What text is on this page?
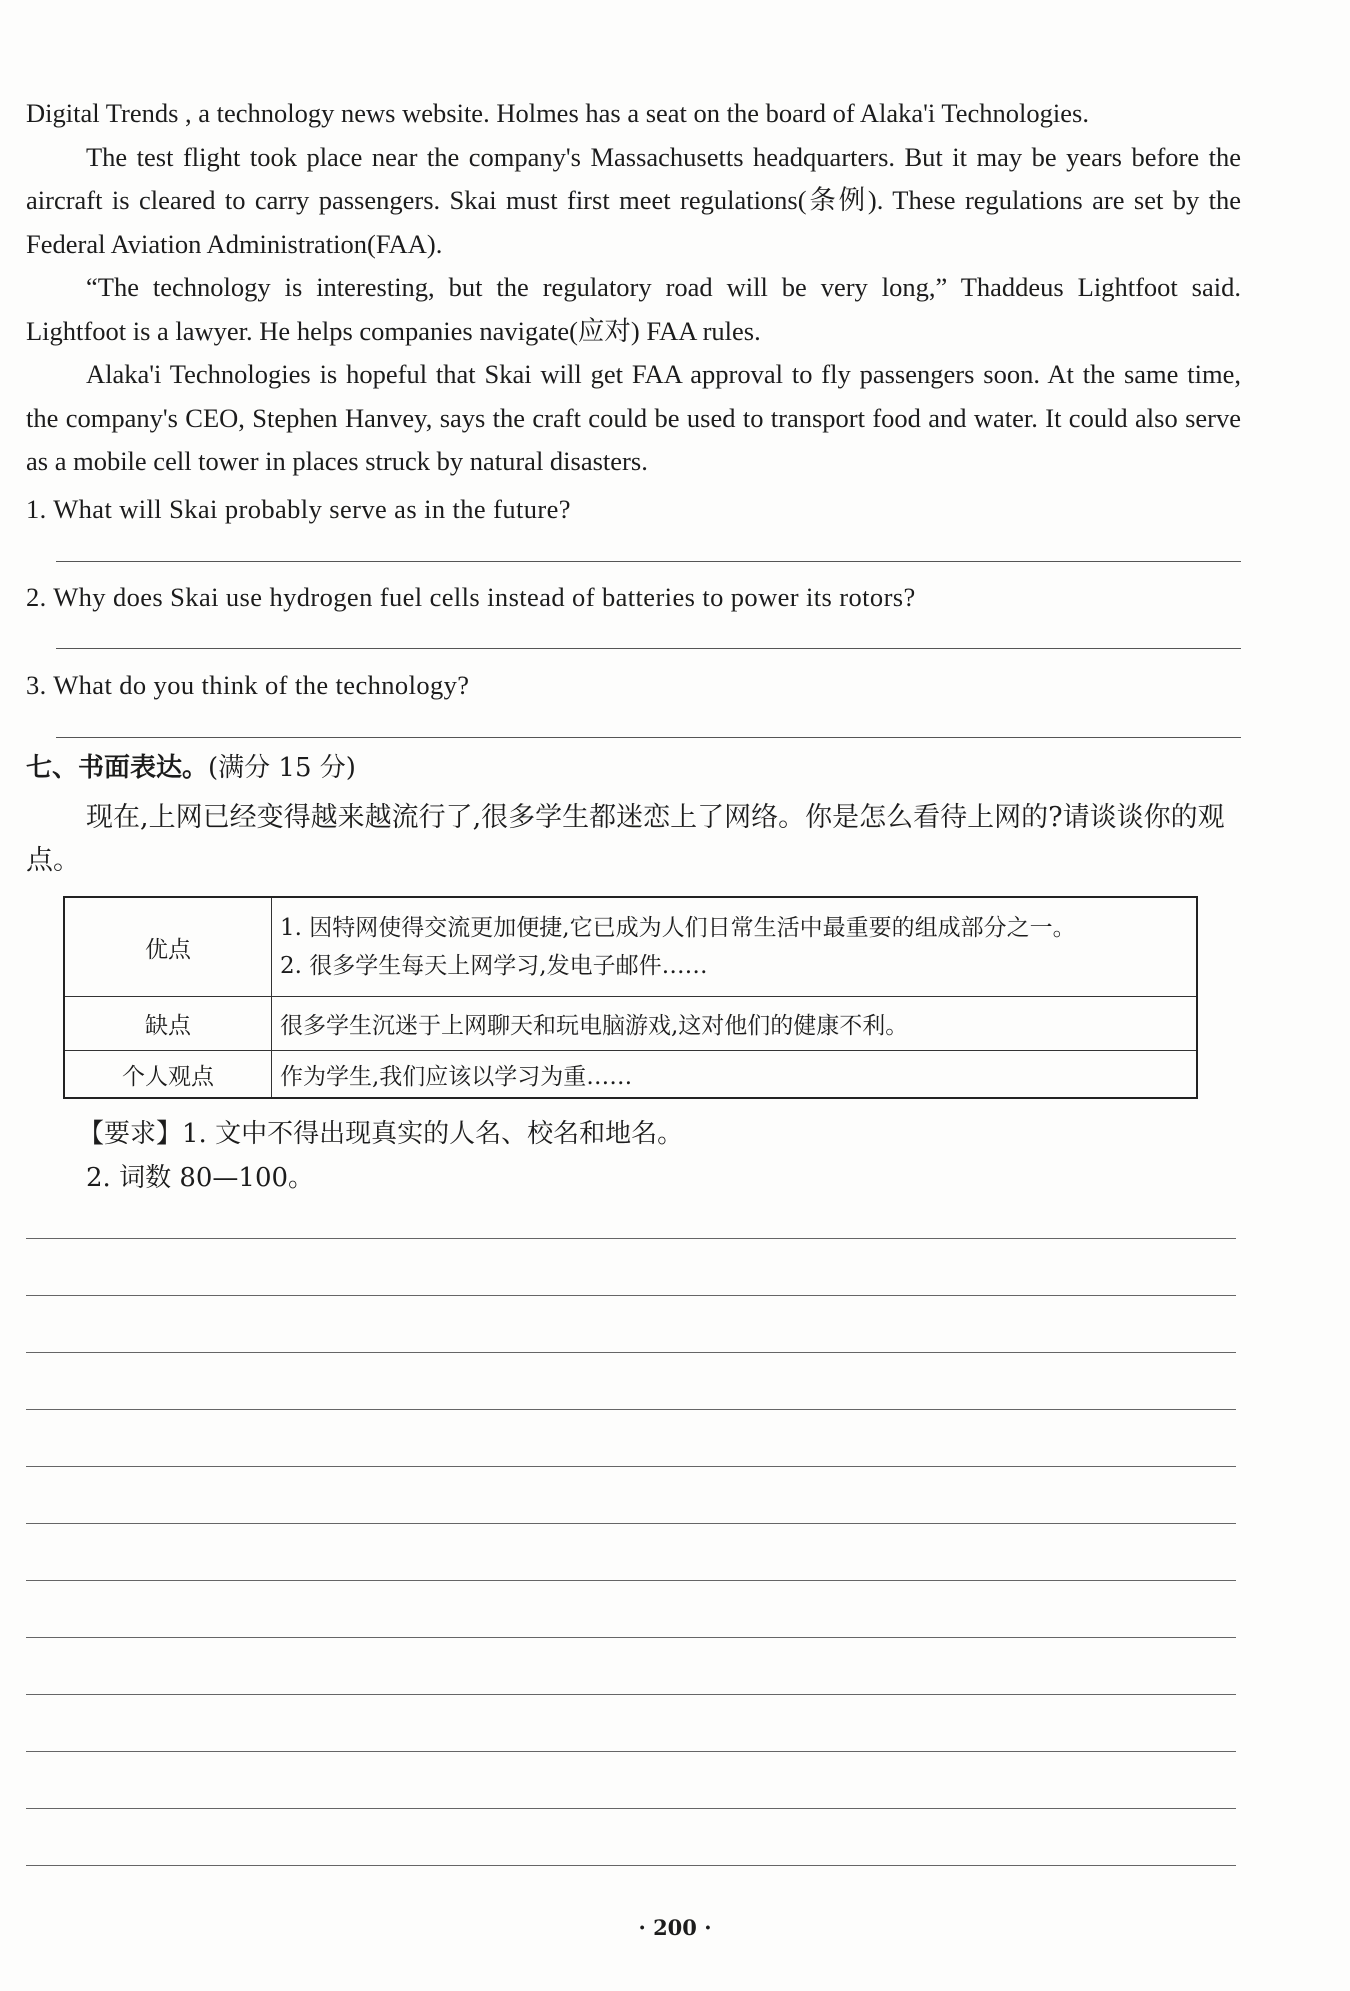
Digital Trends , a technology news website. Holmes has a seat on the board of Alaka'i Technologies.

The test flight took place near the company's Massachusetts headquarters. But it may be years before the aircraft is cleared to carry passengers. Skai must first meet regulations(条例). These regulations are set by the Federal Aviation Administration(FAA).

“The technology is interesting, but the regulatory road will be very long,” Thaddeus Lightfoot said. Lightfoot is a lawyer. He helps companies navigate(应对) FAA rules.

Alaka'i Technologies is hopeful that Skai will get FAA approval to fly passengers soon. At the same time, the company's CEO, Stephen Hanvey, says the craft could be used to transport food and water. It could also serve as a mobile cell tower in places struck by natural disasters.

1. What will Skai probably serve as in the future?

2. Why does Skai use hydrogen fuel cells instead of batteries to power its rotors?

3. What do you think of the technology?

七、书面表达。(满分 15 分)

现在,上网已经变得越来越流行了,很多学生都迷恋上了网络。你是怎么看待上网的?请谈谈你的观点。

优点	1. 因特网使得交流更加便捷,它已成为人们日常生活中最重要的组成部分之一。
2. 很多学生每天上网学习,发电子邮件……

缺点	很多学生沉迷于上网聊天和玩电脑游戏,这对他们的健康不利。
个人观点	作为学生,我们应该以学习为重……
【要求】1. 文中不得出现真实的人名、校名和地名。
2. 词数 80—100。
· 200 ·
